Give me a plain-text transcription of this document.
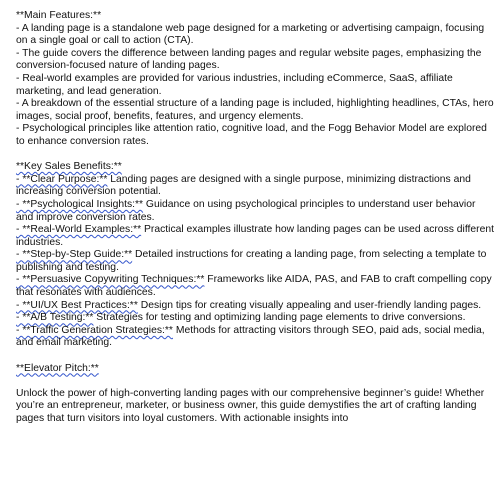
**Main Features:**

- A landing page is a standalone web page designed for a marketing or advertising campaign, focusing on a single goal or call to action (CTA).

- The guide covers the difference between landing pages and regular website pages, emphasizing the conversion-focused nature of landing pages.

- Real-world examples are provided for various industries, including eCommerce, SaaS, affiliate marketing, and lead generation.

- A breakdown of the essential structure of a landing page is included, highlighting headlines, CTAs, hero images, social proof, benefits, features, and urgency elements.

- Psychological principles like attention ratio, cognitive load, and the Fogg Behavior Model are explored to enhance conversion rates.

**Key Sales Benefits:**

- **Clear Purpose:** Landing pages are designed with a single purpose, minimizing distractions and increasing conversion potential.

- **Psychological Insights:** Guidance on using psychological principles to understand user behavior and improve conversion rates.

- **Real-World Examples:** Practical examples illustrate how landing pages can be used across different industries.

- **Step-by-Step Guide:** Detailed instructions for creating a landing page, from selecting a template to publishing and testing.

- **Persuasive Copywriting Techniques:** Frameworks like AIDA, PAS, and FAB to craft compelling copy that resonates with audiences.

- **UI/UX Best Practices:** Design tips for creating visually appealing and user-friendly landing pages.

- **A/B Testing:** Strategies for testing and optimizing landing page elements to drive conversions.

- **Traffic Generation Strategies:** Methods for attracting visitors through SEO, paid ads, social media, and email marketing.

**Elevator Pitch:**

Unlock the power of high-converting landing pages with our comprehensive beginner’s guide! Whether you’re an entrepreneur, marketer, or business owner, this guide demystifies the art of crafting landing pages that turn visitors into loyal customers. With actionable insights into
